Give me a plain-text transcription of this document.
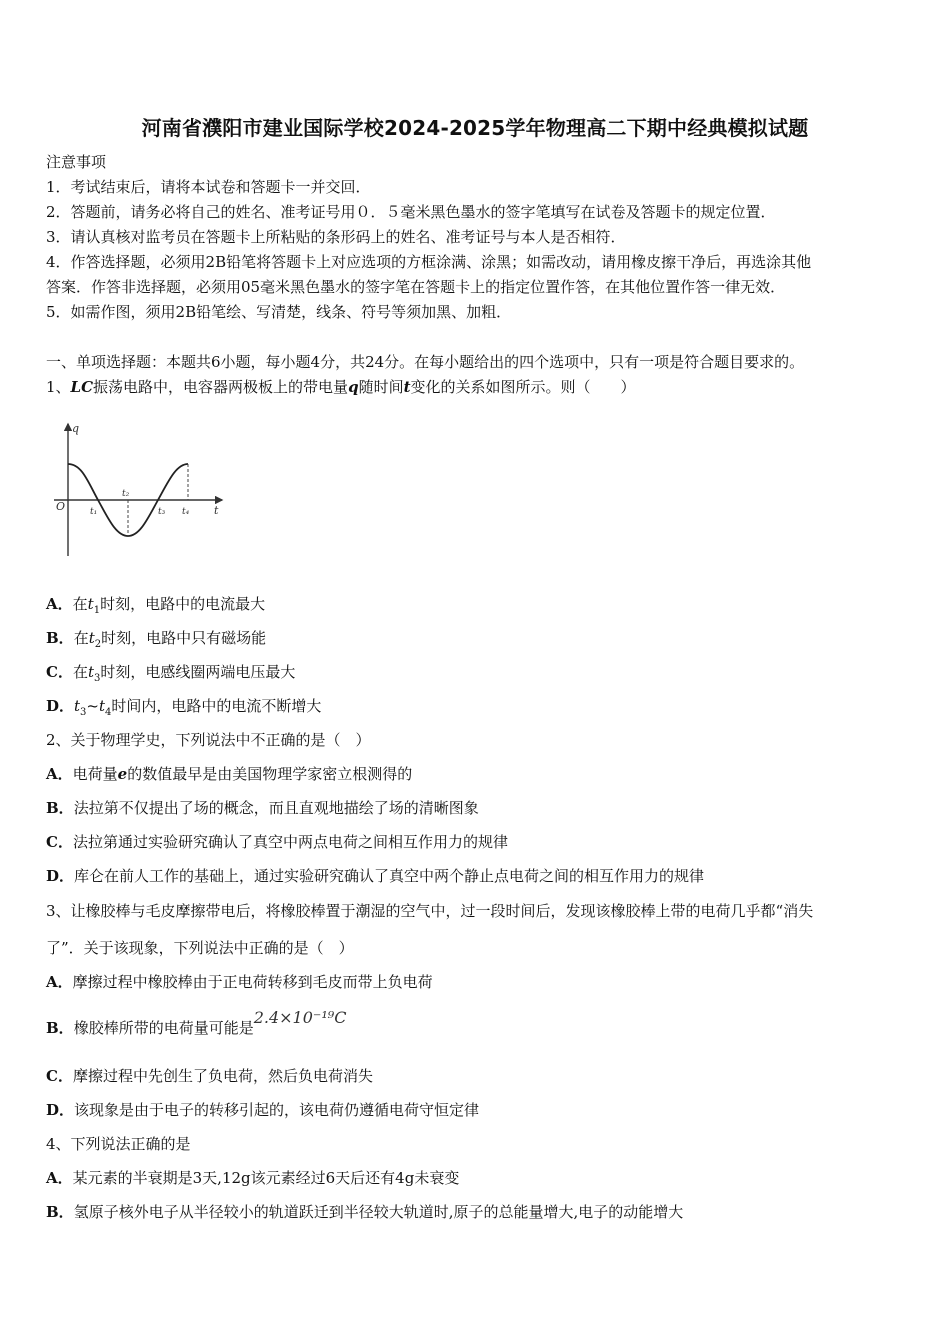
河南省濮阳市建业国际学校2024-2025学年物理高二下期中经典模拟试题
注意事项
1．考试结束后，请将本试卷和答题卡一并交回．
2．答题前，请务必将自己的姓名、准考证号用０．５毫米黑色墨水的签字笔填写在试卷及答题卡的规定位置．
3．请认真核对监考员在答题卡上所粘贴的条形码上的姓名、准考证号与本人是否相符．
4．作答选择题，必须用2B铅笔将答题卡上对应选项的方框涂满、涂黑；如需改动，请用橡皮擦干净后，再选涂其他
答案．作答非选择题，必须用05毫米黑色墨水的签字笔在答题卡上的指定位置作答，在其他位置作答一律无效．
5．如需作图，须用2B铅笔绘、写清楚，线条、符号等须加黑、加粗．
一、单项选择题：本题共6小题，每小题4分，共24分。在每小题给出的四个选项中，只有一项是符合题目要求的。
1、LC振荡电路中，电容器两极板上的带电量q随时间t变化的关系如图所示。则（　　）
q
t
O	t₁
t₂
t₃ t₄
A．在$t_1$时刻，电路中的电流最大
B．在$t_2$时刻，电路中只有磁场能
C．在$t_3$时刻，电感线圈两端电压最大
D．$t_3\sim t_4$时间内，电路中的电流不断增大
2、关于物理学史，下列说法中不正确的是（　）
A．电荷量e的数值最早是由美国物理学家密立根测得的
B．法拉第不仅提出了场的概念，而且直观地描绘了场的清晰图象
C．法拉第通过实验研究确认了真空中两点电荷之间相互作用力的规律
D．库仑在前人工作的基础上，通过实验研究确认了真空中两个静止点电荷之间的相互作用力的规律
3、让橡胶棒与毛皮摩擦带电后，将橡胶棒置于潮湿的空气中，过一段时间后，发现该橡胶棒上带的电荷几乎都“消失
了”．关于该现象，下列说法中正确的是（　）
A．摩擦过程中橡胶棒由于正电荷转移到毛皮而带上负电荷
B．橡胶棒所带的电荷量可能是2.4×10⁻¹⁹C
C．摩擦过程中先创生了负电荷，然后负电荷消失
D．该现象是由于电子的转移引起的，该电荷仍遵循电荷守恒定律
4、下列说法正确的是
A．某元素的半衰期是3天,12g该元素经过6天后还有4g未衰变
B．氢原子核外电子从半径较小的轨道跃迁到半径较大轨道时,原子的总能量增大,电子的动能增大
